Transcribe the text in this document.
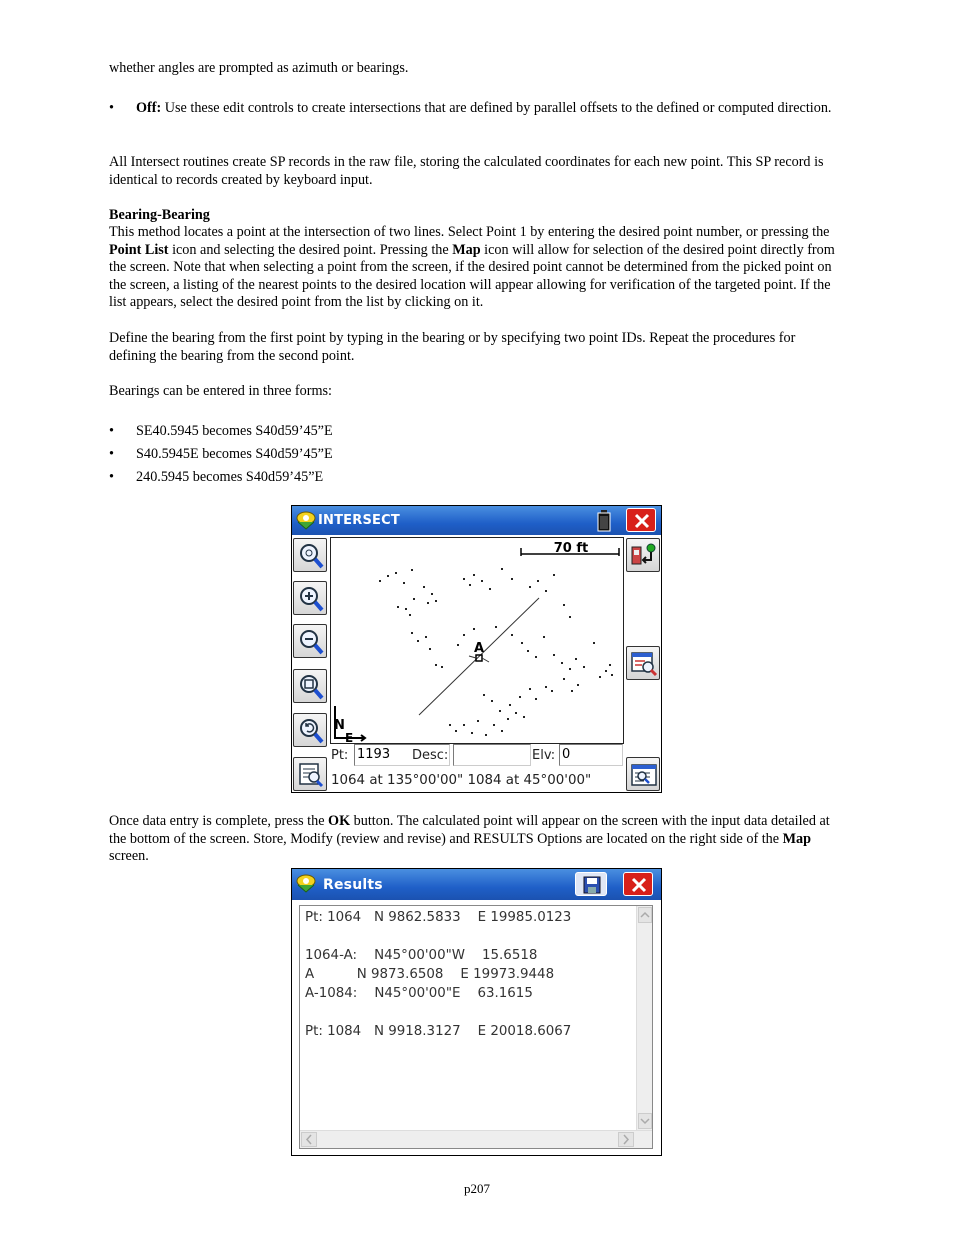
whether angles are prompted as azimuth or bearings.
• Off: Use these edit controls to create intersections that are defined by parallel offsets to the defined or computed direction.
All Intersect routines create SP records in the raw file, storing the calculated coordinates for each new point. This SP record is identical to records created by keyboard input.
Bearing-Bearing
This method locates a point at the intersection of two lines. Select Point 1 by entering the desired point number, or pressing the Point List icon and selecting the desired point. Pressing the Map icon will allow for selection of the desired point directly from the screen. Note that when selecting a point from the screen, if the desired point cannot be determined from the picked point on the screen, a listing of the nearest points to the desired location will appear allowing for verification of the targeted point. If the list appears, select the desired point from the list by clicking on it.
Define the bearing from the first point by typing in the bearing or by specifying two point IDs. Repeat the procedures for defining the bearing from the second point.
Bearings can be entered in three forms:
• SE40.5945 becomes S40d59’45”E
• S40.5945E becomes S40d59’45”E
• 240.5945 becomes S40d59’45”E
INTERSECT
70 ft
A
N
E
Pt: 1193	Desc:	Elv: 0
1064 at 135°00'00" 1084 at 45°00'00"
Once data entry is complete, press the OK button. The calculated point will appear on the screen with the input data detailed at the bottom of the screen. Store, Modify (review and revise) and RESULTS Options are located on the right side of the Map screen.
Results
Pt: 1064   N 9862.5833    E 19985.0123
1064-A:    N45°00'00"W    15.6518
A          N 9873.6508    E 19973.9448
A-1084:    N45°00'00"E    63.1615
Pt: 1084   N 9918.3127    E 20018.6067
p207
